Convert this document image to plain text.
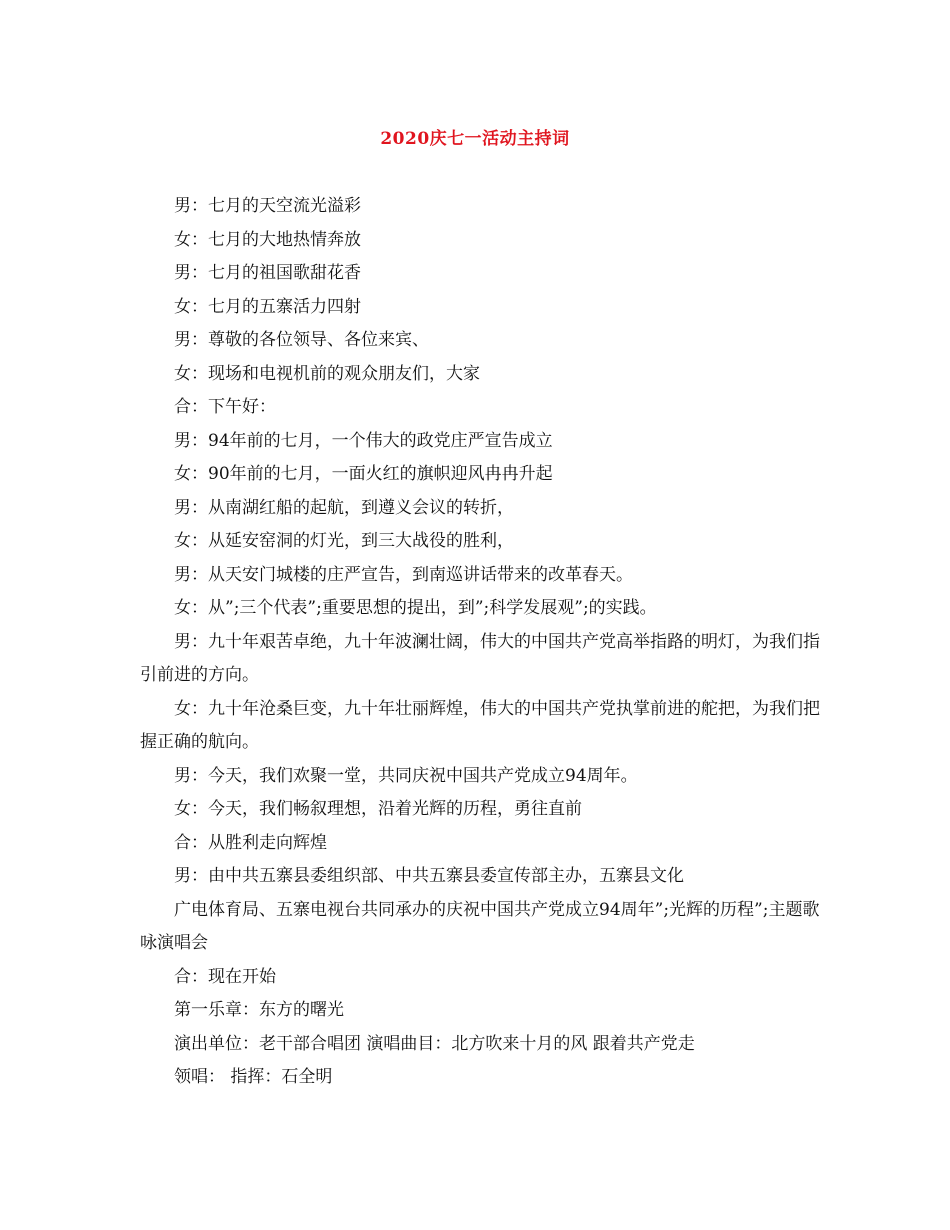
2020庆七一活动主持词

男：七月的天空流光溢彩

女：七月的大地热情奔放

男：七月的祖国歌甜花香

女：七月的五寨活力四射

男：尊敬的各位领导、各位来宾、

女：现场和电视机前的观众朋友们，大家

合：下午好：

男：94年前的七月，一个伟大的政党庄严宣告成立

女：90年前的七月，一面火红的旗帜迎风冉冉升起

男：从南湖红船的起航，到遵义会议的转折，

女：从延安窑洞的灯光，到三大战役的胜利，

男：从天安门城楼的庄严宣告，到南巡讲话带来的改革春天。

女：从”;三个代表”;重要思想的提出，到”;科学发展观”;的实践。

男：九十年艰苦卓绝，九十年波澜壮阔，伟大的中国共产党高举指路的明灯，为我们指引前进的方向。

女：九十年沧桑巨变，九十年壮丽辉煌，伟大的中国共产党执掌前进的舵把，为我们把握正确的航向。

男：今天，我们欢聚一堂，共同庆祝中国共产党成立94周年。

女：今天，我们畅叙理想，沿着光辉的历程，勇往直前

合：从胜利走向辉煌

男：由中共五寨县委组织部、中共五寨县委宣传部主办，五寨县文化

广电体育局、五寨电视台共同承办的庆祝中国共产党成立94周年”;光辉的历程”;主题歌咏演唱会

合：现在开始

第一乐章：东方的曙光

演出单位：老干部合唱团 演唱曲目：北方吹来十月的风 跟着共产党走

领唱： 指挥：石全明
